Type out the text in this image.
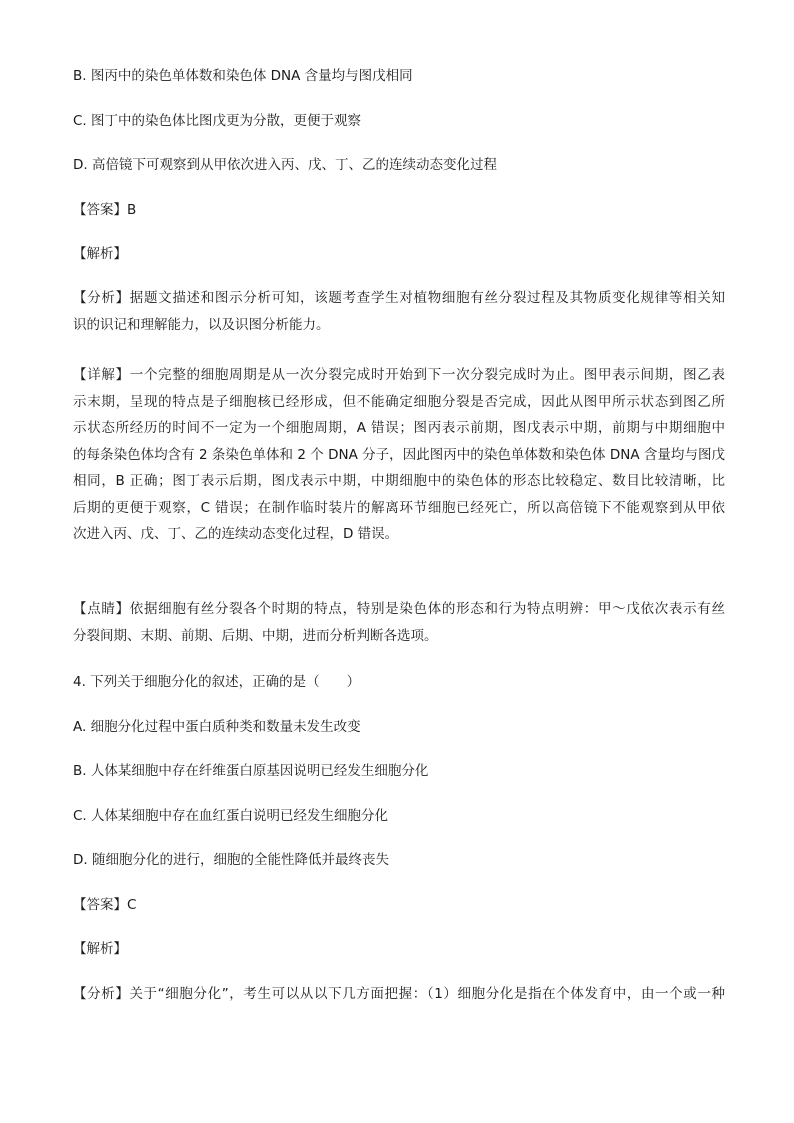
B. 图丙中的染色单体数和染色体 DNA 含量均与图戊相同

C. 图丁中的染色体比图戊更为分散，更便于观察

D. 高倍镜下可观察到从甲依次进入丙、戊、丁、乙的连续动态变化过程

【答案】B

【解析】

【分析】据题文描述和图示分析可知，该题考查学生对植物细胞有丝分裂过程及其物质变化规律等相关知
识的识记和理解能力，以及识图分析能力。
【详解】一个完整的细胞周期是从一次分裂完成时开始到下一次分裂完成时为止。图甲表示间期，图乙表
示末期，呈现的特点是子细胞核已经形成，但不能确定细胞分裂是否完成，因此从图甲所示状态到图乙所
示状态所经历的时间不一定为一个细胞周期，A 错误；图丙表示前期，图戊表示中期，前期与中期细胞中
的每条染色体均含有 2 条染色单体和 2 个 DNA 分子，因此图丙中的染色单体数和染色体 DNA 含量均与图戊
相同，B 正确；图丁表示后期，图戊表示中期，中期细胞中的染色体的形态比较稳定、数目比较清晰，比
后期的更便于观察，C 错误；在制作临时装片的解离环节细胞已经死亡，所以高倍镜下不能观察到从甲依
次进入丙、戊、丁、乙的连续动态变化过程，D 错误。
【点睛】依据细胞有丝分裂各个时期的特点，特别是染色体的形态和行为特点明辨：甲～戊依次表示有丝
分裂间期、末期、前期、后期、中期，进而分析判断各选项。

4. 下列关于细胞分化的叙述，正确的是（　　）

A. 细胞分化过程中蛋白质种类和数量未发生改变

B. 人体某细胞中存在纤维蛋白原基因说明已经发生细胞分化

C. 人体某细胞中存在血红蛋白说明已经发生细胞分化

D. 随细胞分化的进行，细胞的全能性降低并最终丧失

【答案】C

【解析】

【分析】关于“细胞分化”，考生可以从以下几方面把握：（1）细胞分化是指在个体发育中，由一个或一种
